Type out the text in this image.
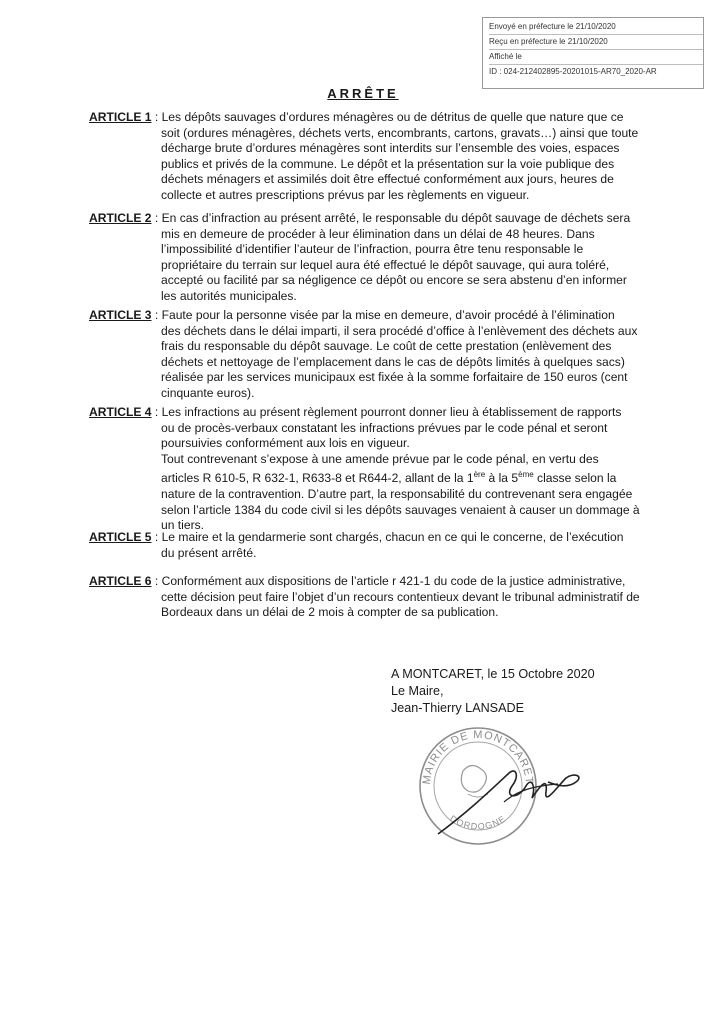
Envoyé en préfecture le 21/10/2020
Reçu en préfecture le 21/10/2020
Affiché le
ID : 024-212402895-20201015-AR70_2020-AR
ARRÊTE
ARTICLE 1 : Les dépôts sauvages d’ordures ménagères ou de détritus de quelle que nature que ce
soit (ordures ménagères, déchets verts, encombrants, cartons, gravats…) ainsi que toute
décharge brute d’ordures ménagères sont interdits sur l’ensemble des voies, espaces
publics et privés de la commune. Le dépôt et la présentation sur la voie publique des
déchets ménagers et assimilés doit être effectué conformément aux jours, heures de
collecte et autres prescriptions prévus par les règlements en vigueur.
ARTICLE 2 : En cas d’infraction au présent arrêté, le responsable du dépôt sauvage de déchets sera
mis en demeure de procéder à leur élimination dans un délai de 48 heures. Dans
l’impossibilité d’identifier l’auteur de l’infraction, pourra être tenu responsable le
propriétaire du terrain sur lequel aura été effectué le dépôt sauvage, qui aura toléré,
accepté ou facilité par sa négligence ce dépôt ou encore se sera abstenu d’en informer
les autorités municipales.
ARTICLE 3 : Faute pour la personne visée par la mise en demeure, d’avoir procédé à l’élimination
des déchets dans le délai imparti, il sera procédé d’office à l’enlèvement des déchets aux
frais du responsable du dépôt sauvage. Le coût de cette prestation (enlèvement des
déchets et nettoyage de l’emplacement dans le cas de dépôts limités à quelques sacs)
réalisée par les services municipaux est fixée à la somme forfaitaire de 150 euros (cent
cinquante euros).
ARTICLE 4 : Les infractions au présent règlement pourront donner lieu à établissement de rapports
ou de procès-verbaux constatant les infractions prévues par le code pénal et seront
poursuivies conformément aux lois en vigueur.
Tout contrevenant s’expose à une amende prévue par le code pénal, en vertu des
articles R 610-5, R 632-1, R633-8 et R644-2, allant de la 1ère à la 5ème classe selon la
nature de la contravention. D’autre part, la responsabilité du contrevenant sera engagée
selon l’article 1384 du code civil si les dépôts sauvages venaient à causer un dommage à
un tiers.
ARTICLE 5 : Le maire et la gendarmerie sont chargés, chacun en ce qui le concerne, de l’exécution
du présent arrêté.
ARTICLE 6 : Conformément aux dispositions de l’article r 421-1 du code de la justice administrative,
cette décision peut faire l’objet d’un recours contentieux devant le tribunal administratif de
Bordeaux dans un délai de 2 mois à compter de sa publication.
A MONTCARET, le 15 Octobre 2020
Le Maire,
Jean-Thierry LANSADE
MAIRIE DE MONTCARET
DORDOGNE
